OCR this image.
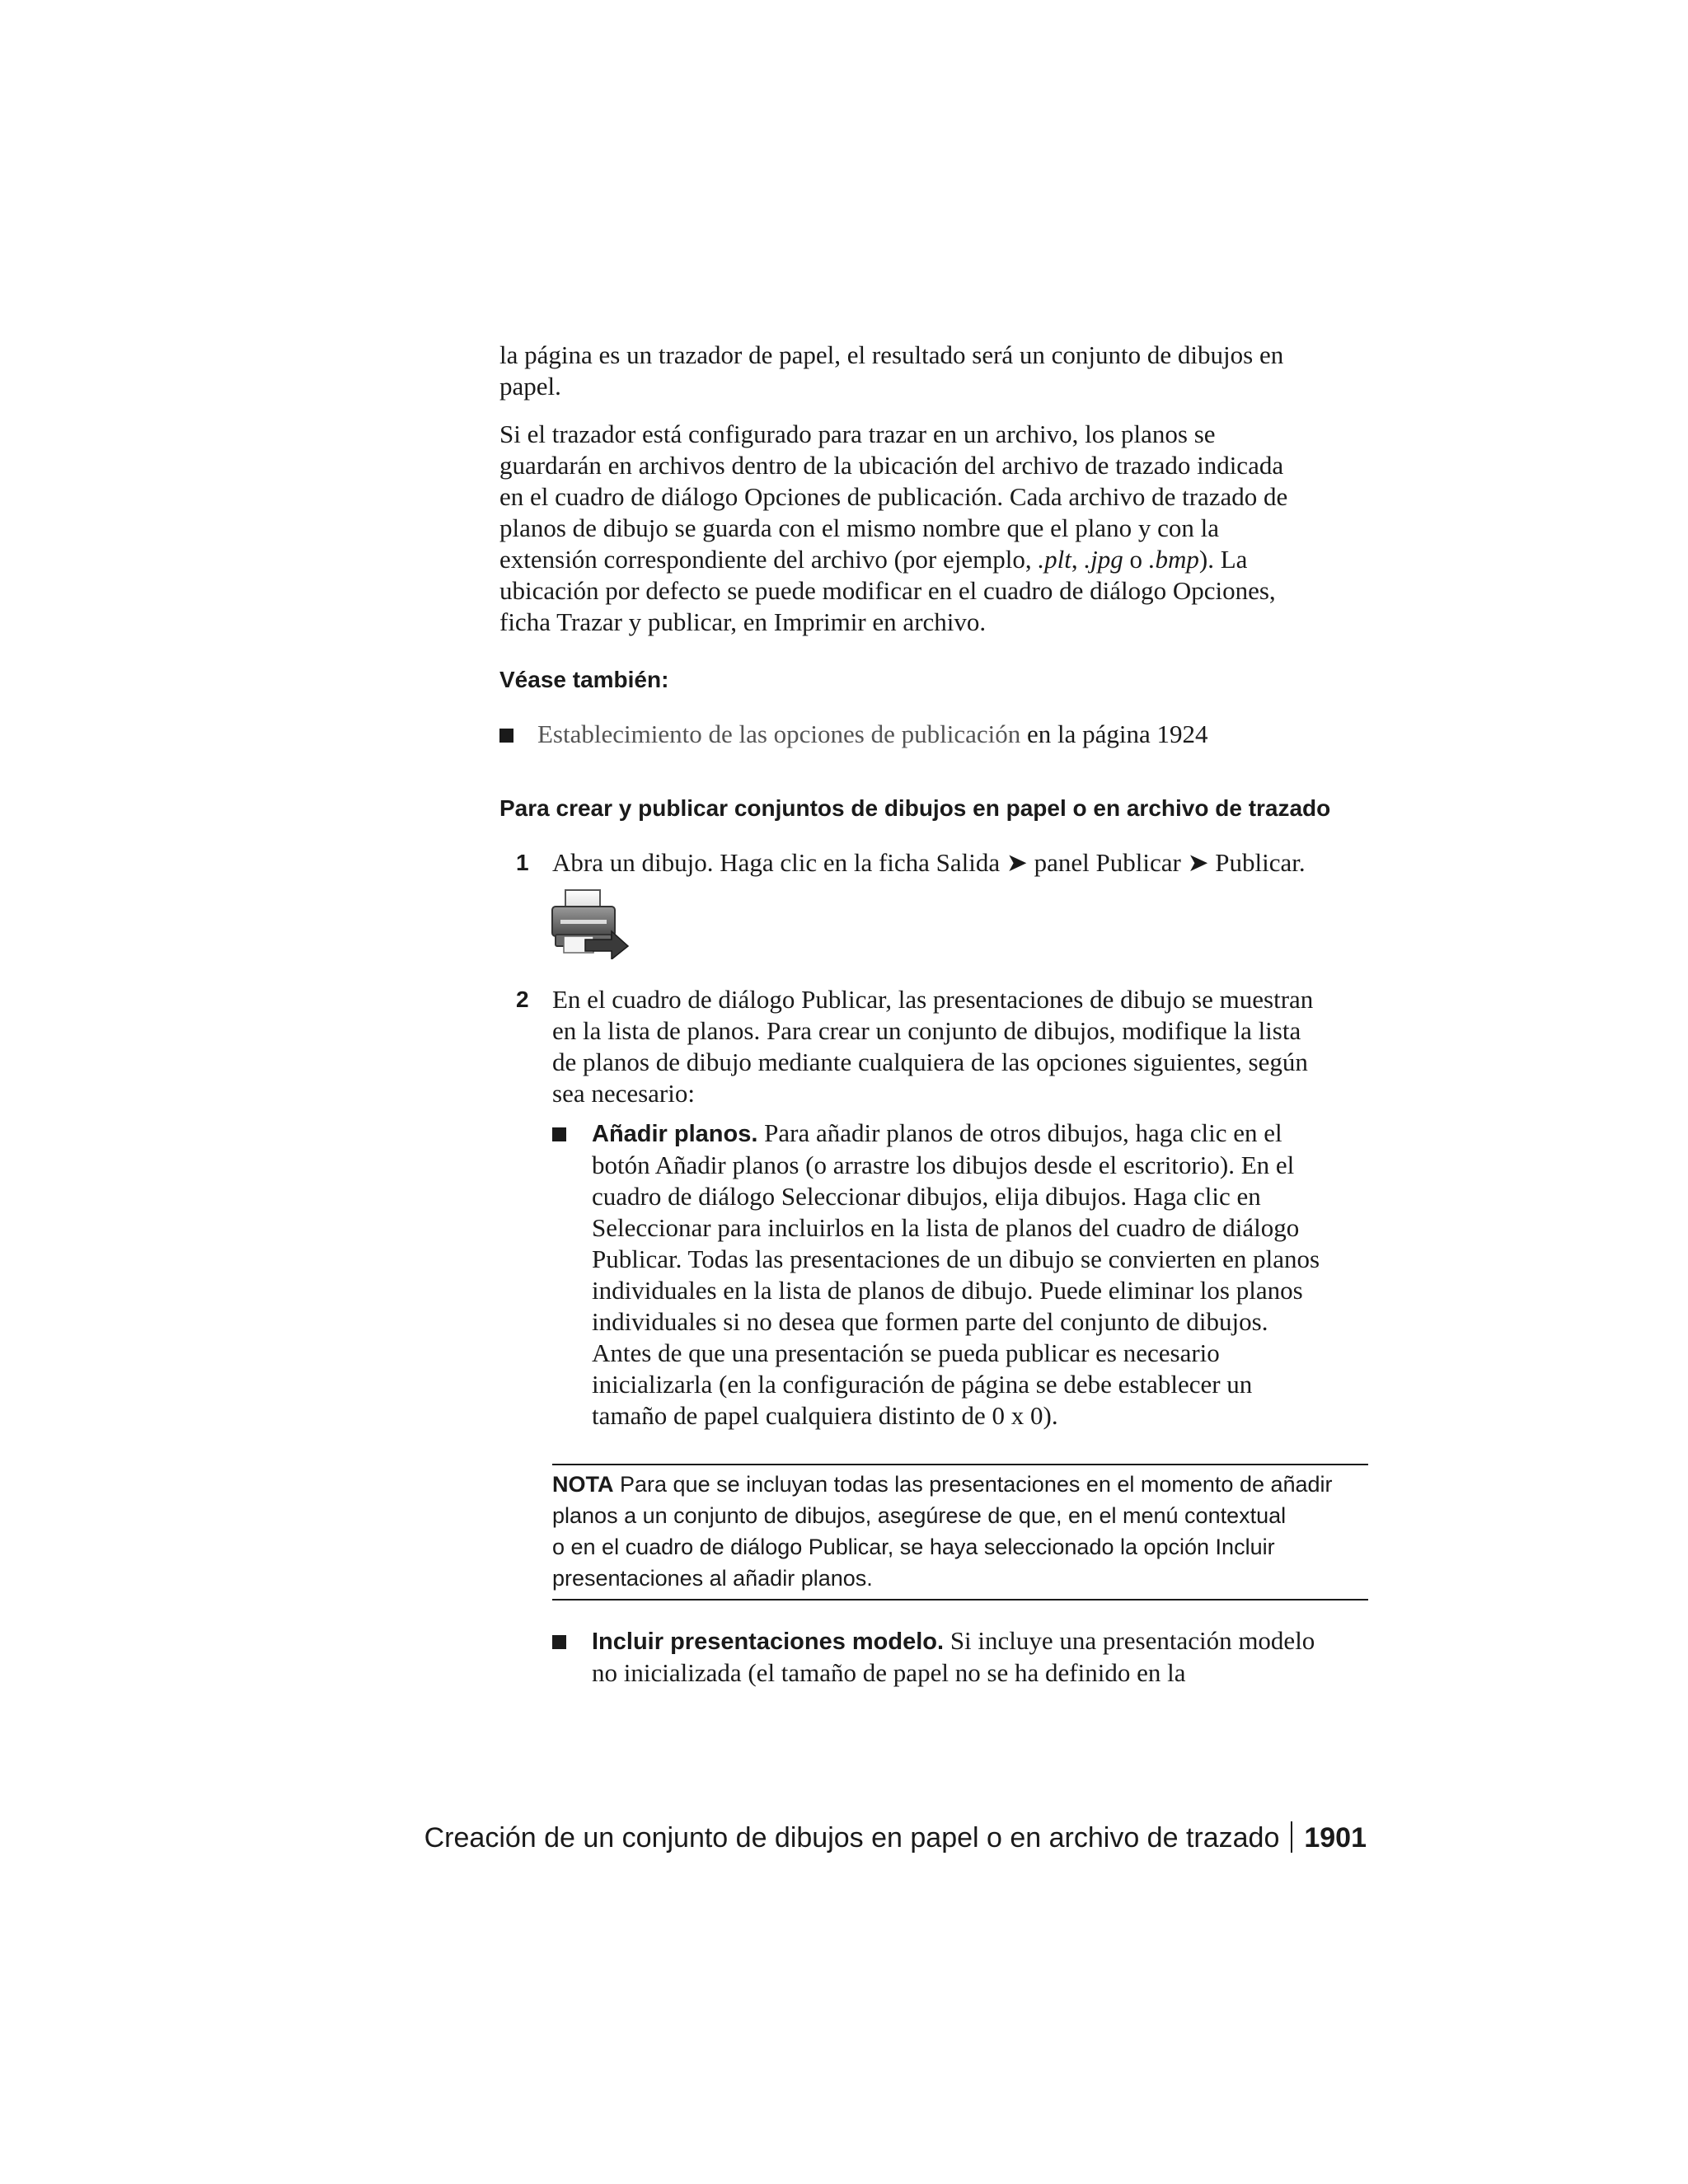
la página es un trazador de papel, el resultado será un conjunto de dibujos en
papel.
Si el trazador está configurado para trazar en un archivo, los planos se
guardarán en archivos dentro de la ubicación del archivo de trazado indicada
en el cuadro de diálogo Opciones de publicación. Cada archivo de trazado de
planos de dibujo se guarda con el mismo nombre que el plano y con la
extensión correspondiente del archivo (por ejemplo, .plt, .jpg o .bmp). La
ubicación por defecto se puede modificar en el cuadro de diálogo Opciones,
ficha Trazar y publicar, en Imprimir en archivo.
Véase también:
Establecimiento de las opciones de publicación en la página 1924
Para crear y publicar conjuntos de dibujos en papel o en archivo de trazado
1 Abra un dibujo. Haga clic en la ficha Salida ➤ panel Publicar ➤ Publicar.
2 En el cuadro de diálogo Publicar, las presentaciones de dibujo se muestran
en la lista de planos. Para crear un conjunto de dibujos, modifique la lista
de planos de dibujo mediante cualquiera de las opciones siguientes, según
sea necesario:
Añadir planos. Para añadir planos de otros dibujos, haga clic en el
botón Añadir planos (o arrastre los dibujos desde el escritorio). En el
cuadro de diálogo Seleccionar dibujos, elija dibujos. Haga clic en
Seleccionar para incluirlos en la lista de planos del cuadro de diálogo
Publicar. Todas las presentaciones de un dibujo se convierten en planos
individuales en la lista de planos de dibujo. Puede eliminar los planos
individuales si no desea que formen parte del conjunto de dibujos.
Antes de que una presentación se pueda publicar es necesario
inicializarla (en la configuración de página se debe establecer un
tamaño de papel cualquiera distinto de 0 x 0).
NOTA Para que se incluyan todas las presentaciones en el momento de añadir
planos a un conjunto de dibujos, asegúrese de que, en el menú contextual
o en el cuadro de diálogo Publicar, se haya seleccionado la opción Incluir
presentaciones al añadir planos.
Incluir presentaciones modelo. Si incluye una presentación modelo
no inicializada (el tamaño de papel no se ha definido en la
Creación de un conjunto de dibujos en papel o en archivo de trazado 1901
